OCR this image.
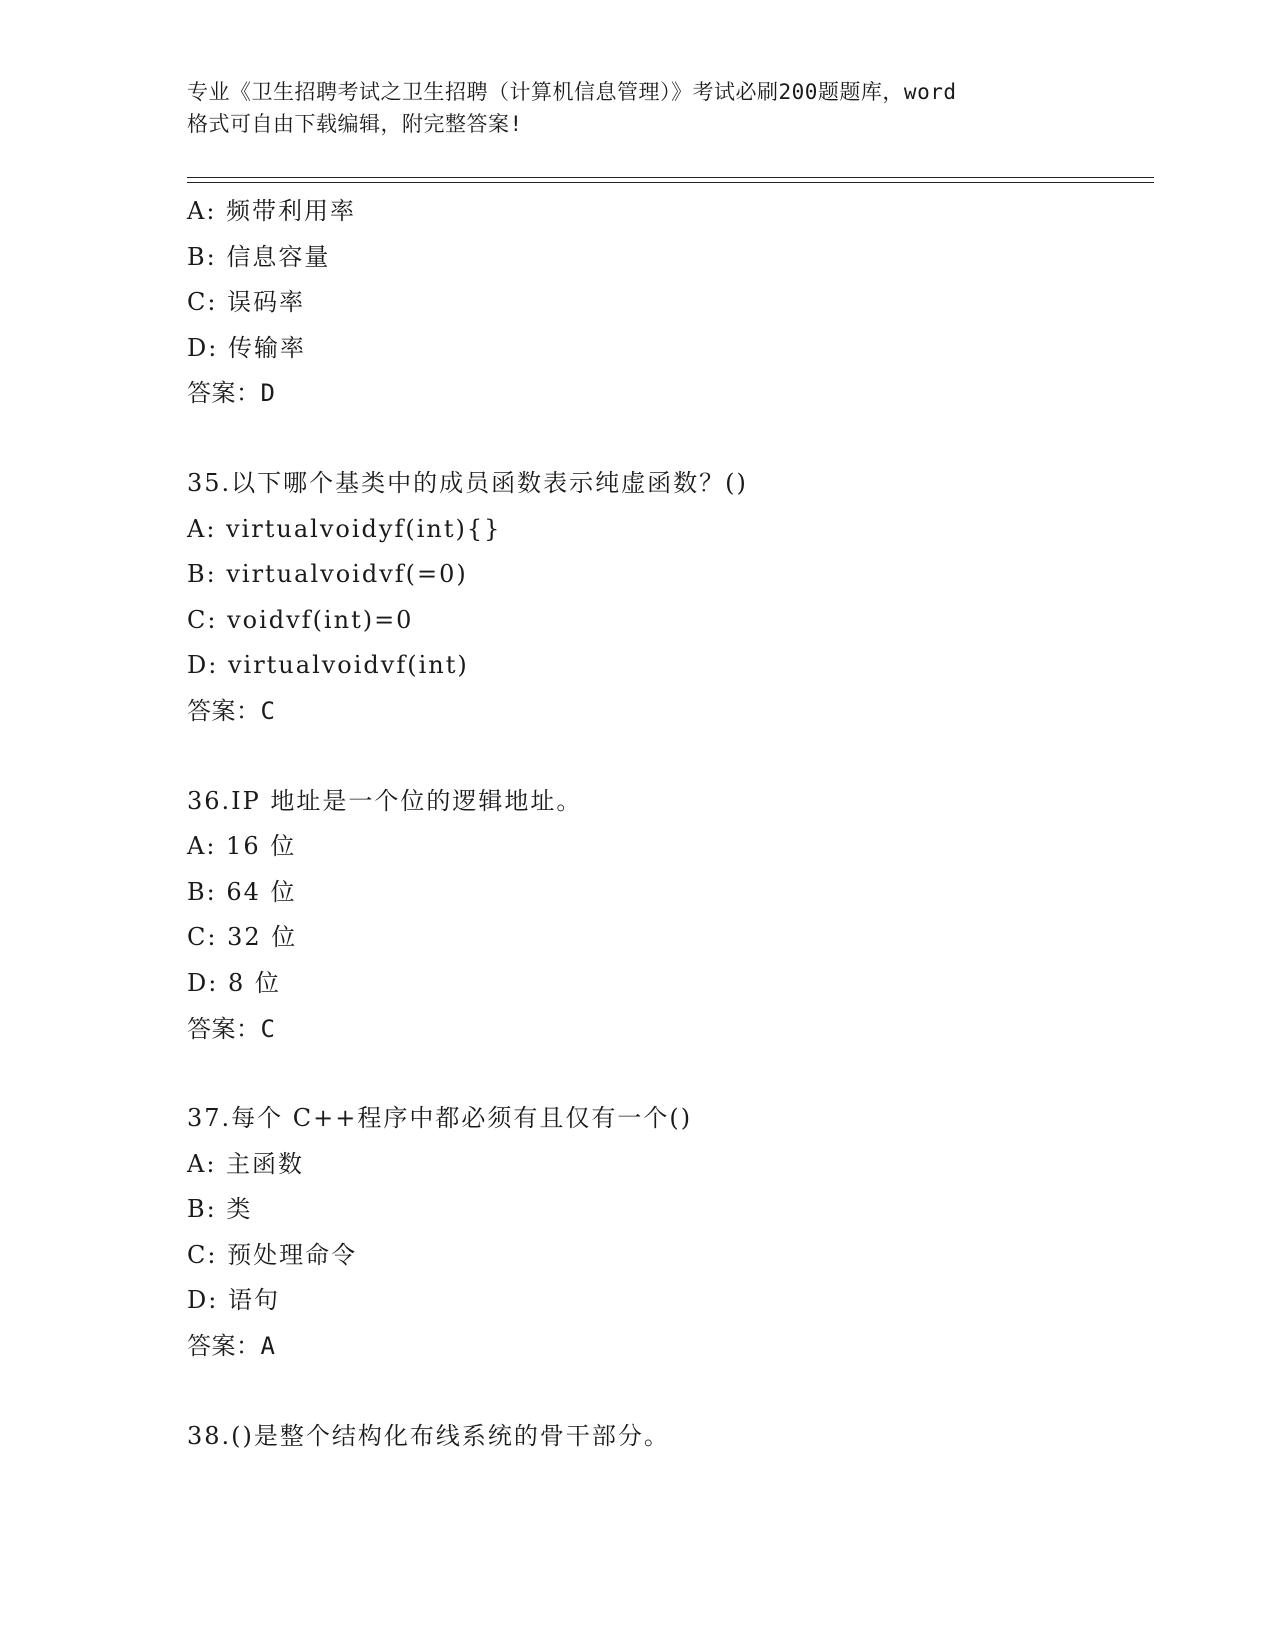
专业《卫生招聘考试之卫生招聘（计算机信息管理）》考试必刷200题题库，word
格式可自由下载编辑，附完整答案!
A: 频带利用率
B: 信息容量
C: 误码率
D: 传输率
答案：D
35.以下哪个基类中的成员函数表示纯虚函数？()
A: virtualvoidyf(int){}
B: virtualvoidvf(=0)
C: voidvf(int)=0
D: virtualvoidvf(int)
答案：C
36.IP 地址是一个位的逻辑地址。
A: 16 位
B: 64 位
C: 32 位
D: 8 位
答案：C
37.每个 C++程序中都必须有且仅有一个()
A: 主函数
B: 类
C: 预处理命令
D: 语句
答案：A
38.()是整个结构化布线系统的骨干部分。
